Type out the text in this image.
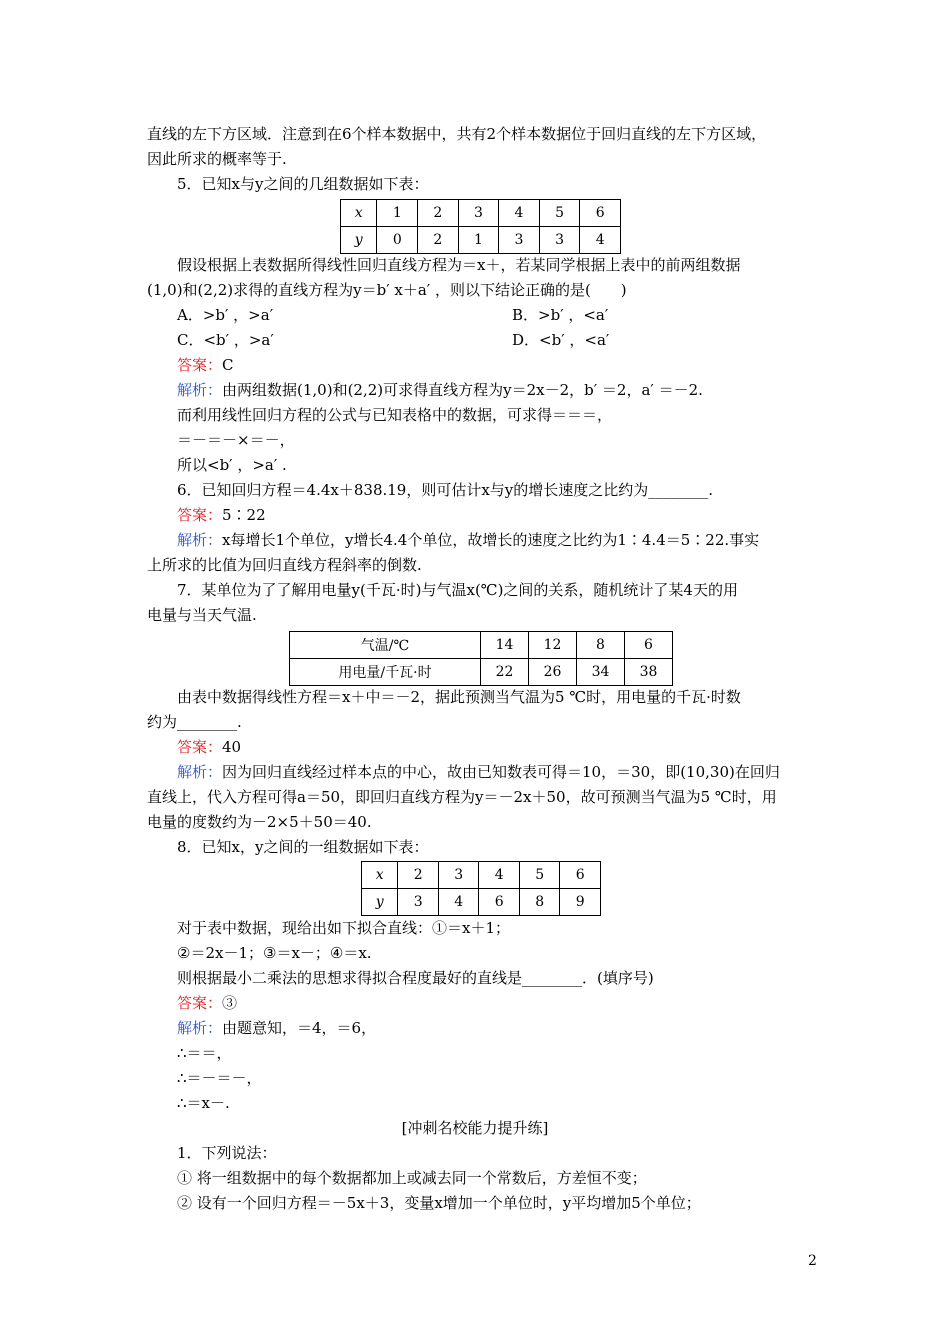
直线的左下方区域．注意到在6个样本数据中，共有2个样本数据位于回归直线的左下方区域，
因此所求的概率等于.
5．已知x与y之间的几组数据如下表：
x	1	2	3	4	5	6
y	0	2	1	3	3	4
假设根据上表数据所得线性回归直线方程为＝x＋，若某同学根据上表中的前两组数据
(1,0)和(2,2)求得的直线方程为y＝b′ x＋a′ ，则以下结论正确的是(　　)
A．>b′ ，>a′	B．>b′ ，<a′
C．<b′ ，>a′	D．<b′ ，<a′
答案：C
解析：由两组数据(1,0)和(2,2)可求得直线方程为y＝2x－2，b′ ＝2，a′ ＝－2.
而利用线性回归方程的公式与已知表格中的数据，可求得＝＝＝，
＝－＝－×＝－，
所以<b′ ，>a′ .
6．已知回归方程＝4.4x＋838.19，则可估计x与y的增长速度之比约为________.
答案：5∶22
解析：x每增长1个单位，y增长4.4个单位，故增长的速度之比约为1∶4.4＝5∶22.事实
上所求的比值为回归直线方程斜率的倒数.
7．某单位为了了解用电量y(千瓦·时)与气温x(℃)之间的关系，随机统计了某4天的用
电量与当天气温.
气温/℃	14	12	8	6
用电量/千瓦·时	22	26	34	38
由表中数据得线性方程＝x＋中＝－2，据此预测当气温为5 ℃时，用电量的千瓦·时数
约为________.
答案：40
解析：因为回归直线经过样本点的中心，故由已知数表可得＝10，＝30，即(10,30)在回归
直线上，代入方程可得a＝50，即回归直线方程为y＝－2x＋50，故可预测当气温为5 ℃时，用
电量的度数约为－2×5＋50＝40.
8．已知x，y之间的一组数据如下表：
x	2	3	4	5	6
y	3	4	6	8	9
对于表中数据，现给出如下拟合直线：①＝x＋1；
②＝2x－1；③＝x－；④＝x.
则根据最小二乘法的思想求得拟合程度最好的直线是________．(填序号)
答案：③
解析：由题意知，＝4，＝6，
∴＝＝，
∴＝－＝－，
∴＝x－.
[冲刺名校能力提升练]
1．下列说法：
① 将一组数据中的每个数据都加上或减去同一个常数后，方差恒不变；
② 设有一个回归方程＝－5x＋3，变量x增加一个单位时，y平均增加5个单位；
2
